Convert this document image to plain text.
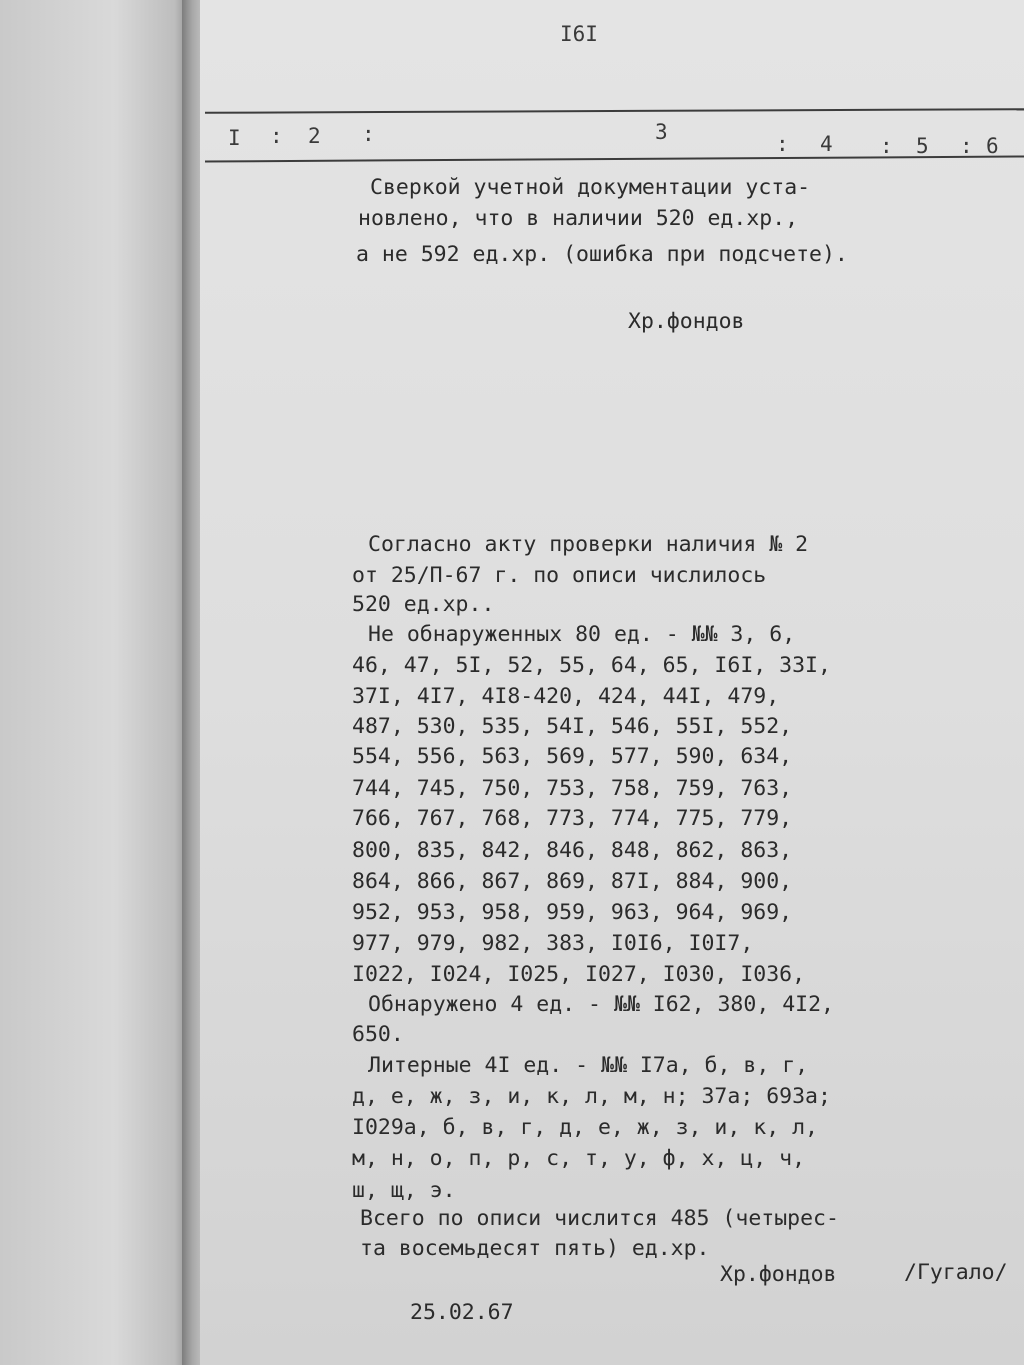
I6I
I : 2 :	3	: 4 : 5 : 6
Сверкой учетной документации уста-
новлено, что в наличии 520 ед.хр.,
а не 592 ед.хр. (ошибка при подсчете).
Хр.фондов
Согласно акту проверки наличия № 2
от 25/П-67 г. по описи числилось
520 ед.хр..
Не обнаруженных 80 ед. - №№ 3, 6,
46, 47, 5I, 52, 55, 64, 65, I6I, 33I,
37I, 4I7, 4I8-420, 424, 44I, 479,
487, 530, 535, 54I, 546, 55I, 552,
554, 556, 563, 569, 577, 590, 634,
744, 745, 750, 753, 758, 759, 763,
766, 767, 768, 773, 774, 775, 779,
800, 835, 842, 846, 848, 862, 863,
864, 866, 867, 869, 87I, 884, 900,
952, 953, 958, 959, 963, 964, 969,
977, 979, 982, 383, I0I6, I0I7,
I022, I024, I025, I027, I030, I036,
Обнаружено 4 ед. - №№ I62, 380, 4I2,
650.
Литерные 4I ед. - №№ I7а, б, в, г,
д, е, ж, з, и, к, л, м, н; 37а; 693а;
I029а, б, в, г, д, е, ж, з, и, к, л,
м, н, о, п, р, с, т, у, ф, х, ц, ч,
ш, щ, э.
Всего по описи числится 485 (четырес-
та восемьдесят пять) ед.хр.
Хр.фондов	/Гугало/
25.02.67
